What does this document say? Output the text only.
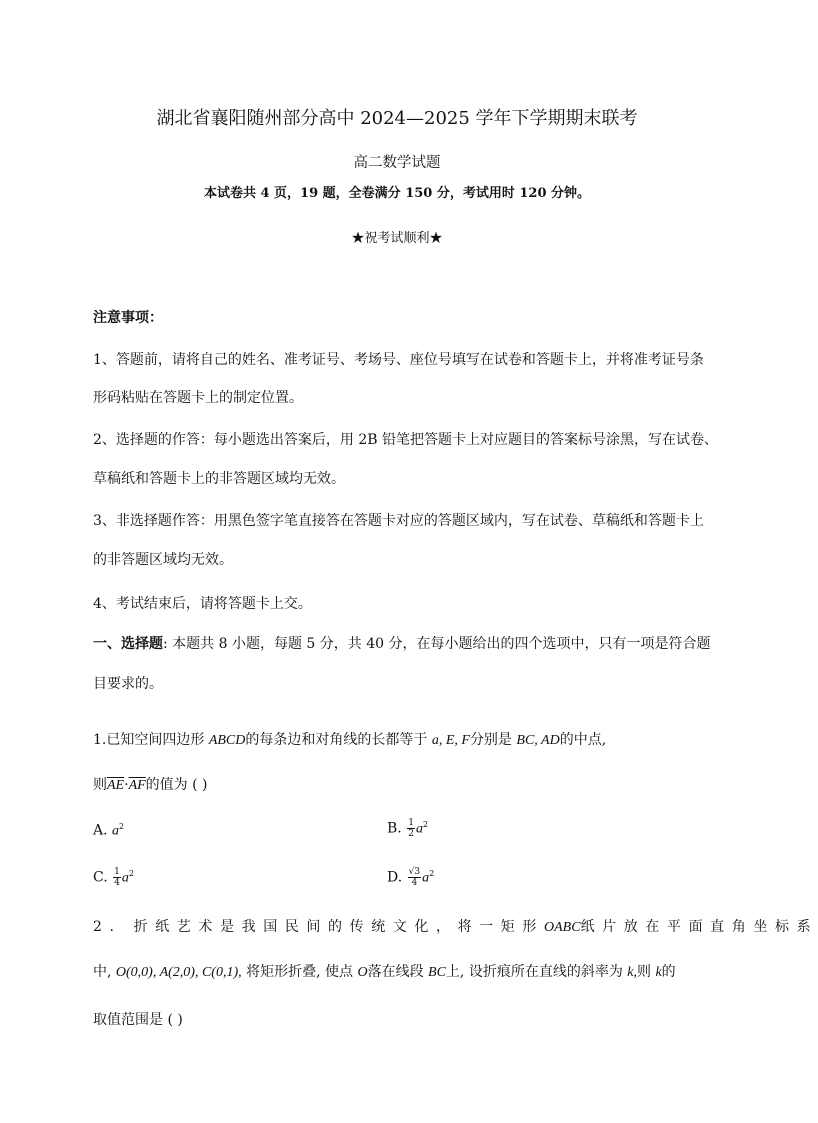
湖北省襄阳随州部分高中 2024—2025 学年下学期期末联考
高二数学试题
本试卷共 4 页，19 题，全卷满分 150 分，考试用时 120 分钟。
★祝考试顺利★
注意事项：
1、答题前，请将自己的姓名、准考证号、考场号、座位号填写在试卷和答题卡上，并将准考证号条
形码粘贴在答题卡上的制定位置。
2、选择题的作答：每小题选出答案后，用 2B 铅笔把答题卡上对应题目的答案标号涂黑，写在试卷、
草稿纸和答题卡上的非答题区域均无效。
3、非选择题作答：用黑色签字笔直接答在答题卡对应的答题区域内，写在试卷、草稿纸和答题卡上
的非答题区域均无效。
4、考试结束后，请将答题卡上交。
一、选择题: 本题共 8 小题，每题 5 分，共 40 分，在每小题给出的四个选项中，只有一项是符合题
目要求的。
1.已知空间四边形 ABCD的每条边和对角线的长都等于 a, E, F分别是 BC, AD的中点,
则$\overline{AE}\cdot\overline{AF}$的值为 ( )
A. $a^2$	B. $\frac{1}{2} a^2$
C. $\frac{1}{4} a^2$	D. $\frac{√3}{4} a^2$
2. 折纸艺术是我国民间的传统文化，将一矩形OABC纸片放在平面直角坐标系
中, O(0,0), A(2,0), C(0,1), 将矩形折叠, 使点 O落在线段 BC上, 设折痕所在直线的斜率为 k,则 k的
取值范围是 ( )
